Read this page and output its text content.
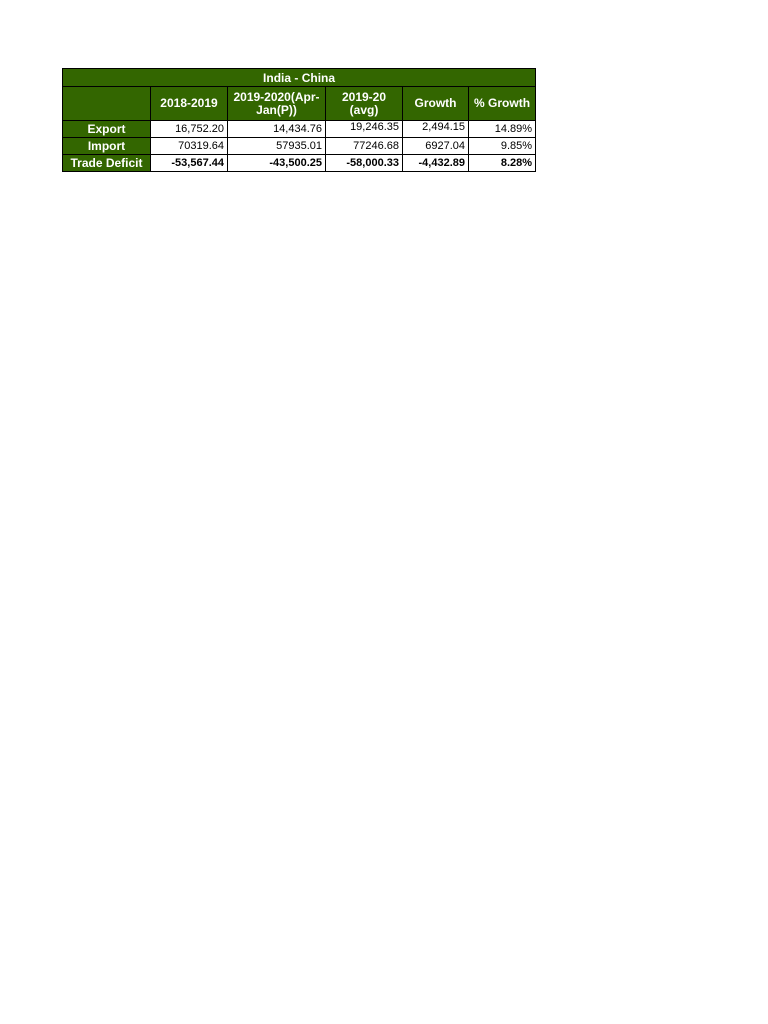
India - China					
	2018-2019	2019-2020(Apr-Jan(P))	2019-20 (avg)	Growth	% Growth
Export	16,752.20	14,434.76	19,246.35	2,494.15	14.89%
Import	70319.64	57935.01	77246.68	6927.04	9.85%
Trade Deficit	-53,567.44	-43,500.25	-58,000.33	-4,432.89	8.28%
